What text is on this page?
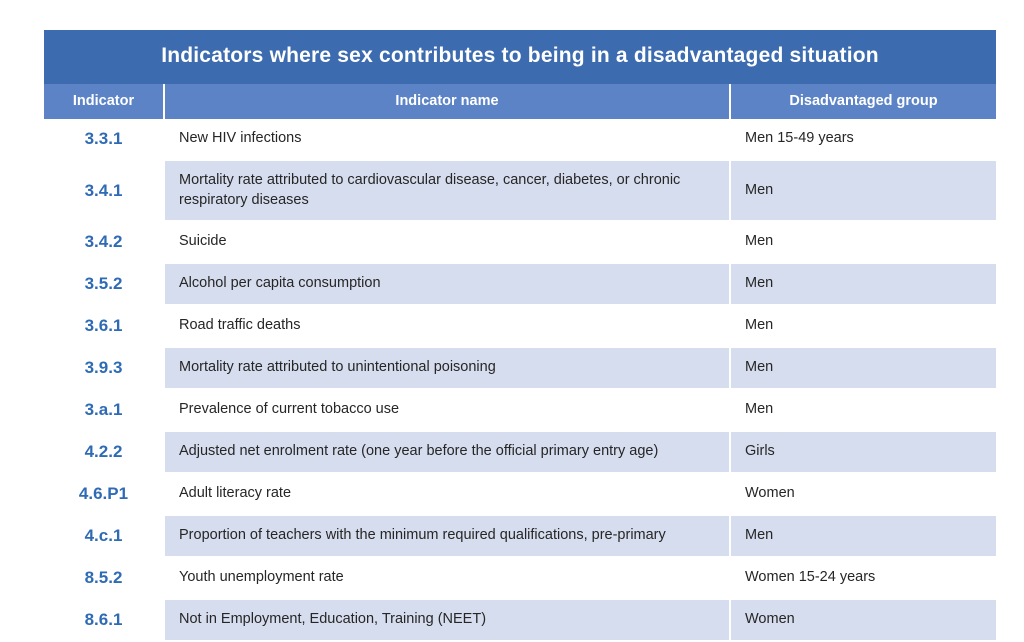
Indicators where sex contributes to being in a disadvantaged situation		
Indicator	Indicator name	Disadvantaged group
3.3.1	New HIV infections	Men 15-49 years
3.4.1	Mortality rate attributed to cardiovascular disease, cancer, diabetes, or chronic respiratory diseases	Men
3.4.2	Suicide	Men
3.5.2	Alcohol per capita consumption	Men
3.6.1	Road traffic deaths	Men
3.9.3	Mortality rate attributed to unintentional poisoning	Men
3.a.1	Prevalence of current tobacco use	Men
4.2.2	Adjusted net enrolment rate (one year before the official primary entry age)	Girls
4.6.P1	Adult literacy rate	Women
4.c.1	Proportion of teachers with the minimum required qualifications, pre-primary	Men
8.5.2	Youth unemployment rate	Women 15-24 years
8.6.1	Not in Employment, Education, Training (NEET)	Women
